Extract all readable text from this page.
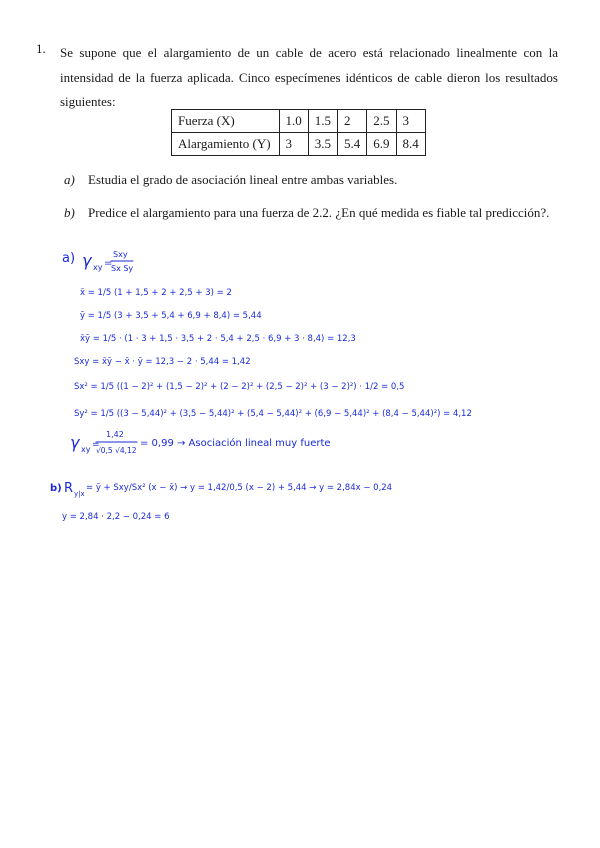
1. Se supone que el alargamiento de un cable de acero está relacionado linealmente con la intensidad de la fuerza aplicada. Cinco especímenes idénticos de cable dieron los resultados siguientes:
Fuerza (X)	1.0	1.5	2	2.5	3
Alargamiento (Y)	3	3.5	5.4	6.9	8.4
a) Estudia el grado de asociación lineal entre ambas variables.
b) Predice el alargamiento para una fuerza de 2.2. ¿En qué medida es fiable tal predicción?.
a) γ xy =
Sxy
Sx Sy
x̄ = 1/5 (1 + 1,5 + 2 + 2,5 + 3) = 2
ȳ = 1/5 (3 + 3,5 + 5,4 + 6,9 + 8,4) = 5,44
x̄ȳ = 1/5 · (1 · 3 + 1,5 · 3,5 + 2 · 5,4 + 2,5 · 6,9 + 3 · 8,4) = 12,3
Sxy = x̄ȳ − x̄ · ȳ = 12,3 − 2 · 5,44 = 1,42
Sx² = 1/5 ((1 − 2)² + (1,5 − 2)² + (2 − 2)² + (2,5 − 2)² + (3 − 2)²) · 1/2 = 0,5
Sy² = 1/5 ((3 − 5,44)² + (3,5 − 5,44)² + (5,4 − 5,44)² + (6,9 − 5,44)² + (8,4 − 5,44)²) = 4,12
γ xy =
1,42
√0,5 √4,12
= 0,99 → Asociación lineal muy fuerte
b) R y|x
= ȳ + Sxy/Sx² (x − x̄) → y = 1,42/0,5 (x − 2) + 5,44 → y = 2,84x − 0,24
y = 2,84 · 2,2 − 0,24 = 6
